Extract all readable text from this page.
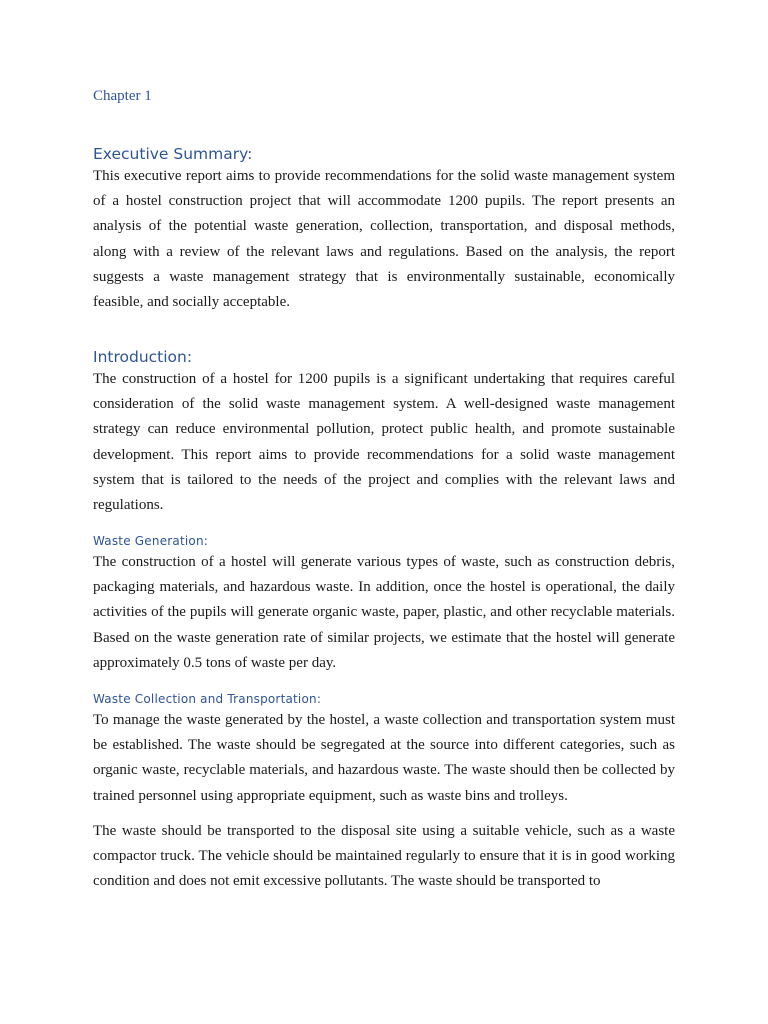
Chapter 1

Executive Summary:

This executive report aims to provide recommendations for the solid waste management system of a hostel construction project that will accommodate 1200 pupils. The report presents an analysis of the potential waste generation, collection, transportation, and disposal methods, along with a review of the relevant laws and regulations. Based on the analysis, the report suggests a waste management strategy that is environmentally sustainable, economically feasible, and socially acceptable.

Introduction:

The construction of a hostel for 1200 pupils is a significant undertaking that requires careful consideration of the solid waste management system. A well-designed waste management strategy can reduce environmental pollution, protect public health, and promote sustainable development. This report aims to provide recommendations for a solid waste management system that is tailored to the needs of the project and complies with the relevant laws and regulations.

Waste Generation:

The construction of a hostel will generate various types of waste, such as construction debris, packaging materials, and hazardous waste. In addition, once the hostel is operational, the daily activities of the pupils will generate organic waste, paper, plastic, and other recyclable materials. Based on the waste generation rate of similar projects, we estimate that the hostel will generate approximately 0.5 tons of waste per day.

Waste Collection and Transportation:

To manage the waste generated by the hostel, a waste collection and transportation system must be established. The waste should be segregated at the source into different categories, such as organic waste, recyclable materials, and hazardous waste. The waste should then be collected by trained personnel using appropriate equipment, such as waste bins and trolleys.

The waste should be transported to the disposal site using a suitable vehicle, such as a waste compactor truck. The vehicle should be maintained regularly to ensure that it is in good working condition and does not emit excessive pollutants. The waste should be transported to
